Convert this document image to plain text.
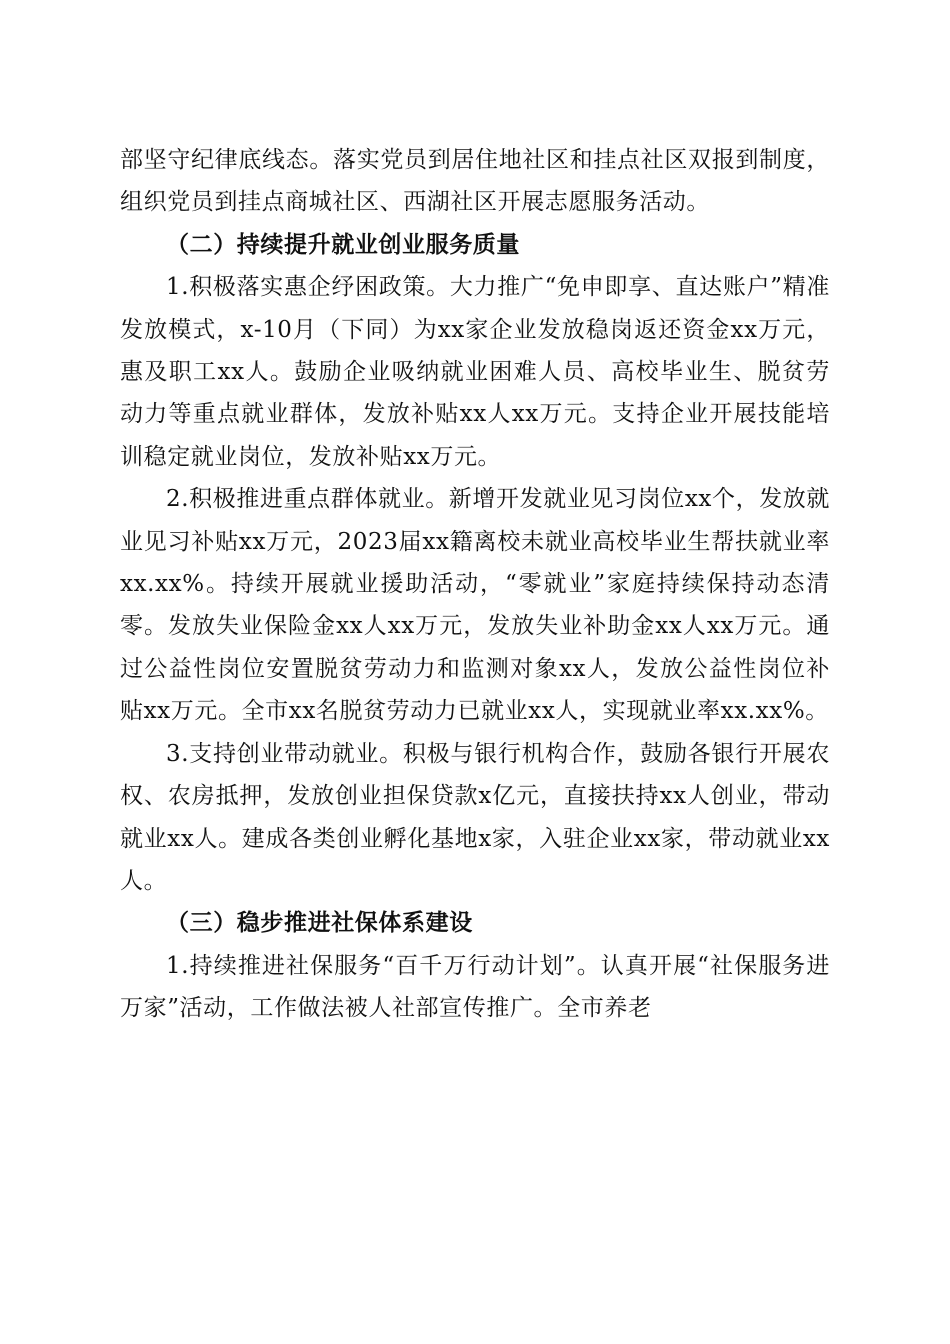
部坚守纪律底线态。落实党员到居住地社区和挂点社区双报到制度，组织党员到挂点商城社区、西湖社区开展志愿服务活动。

（二）持续提升就业创业服务质量

1.积极落实惠企纾困政策。大力推广“免申即享、直达账户”精准发放模式，x-10月（下同）为xx家企业发放稳岗返还资金xx万元，惠及职工xx人。鼓励企业吸纳就业困难人员、高校毕业生、脱贫劳动力等重点就业群体，发放补贴xx人xx万元。支持企业开展技能培训稳定就业岗位，发放补贴xx万元。

2.积极推进重点群体就业。新增开发就业见习岗位xx个，发放就业见习补贴xx万元，2023届xx籍离校未就业高校毕业生帮扶就业率xx.xx%。持续开展就业援助活动，“零就业”家庭持续保持动态清零。发放失业保险金xx人xx万元，发放失业补助金xx人xx万元。通过公益性岗位安置脱贫劳动力和监测对象xx人，发放公益性岗位补贴xx万元。全市xx名脱贫劳动力已就业xx人，实现就业率xx.xx%。

3.支持创业带动就业。积极与银行机构合作，鼓励各银行开展农权、农房抵押，发放创业担保贷款x亿元，直接扶持xx人创业，带动就业xx人。建成各类创业孵化基地x家，入驻企业xx家，带动就业xx人。

（三）稳步推进社保体系建设

1.持续推进社保服务“百千万行动计划”。认真开展“社保服务进万家”活动，工作做法被人社部宣传推广。全市养老
